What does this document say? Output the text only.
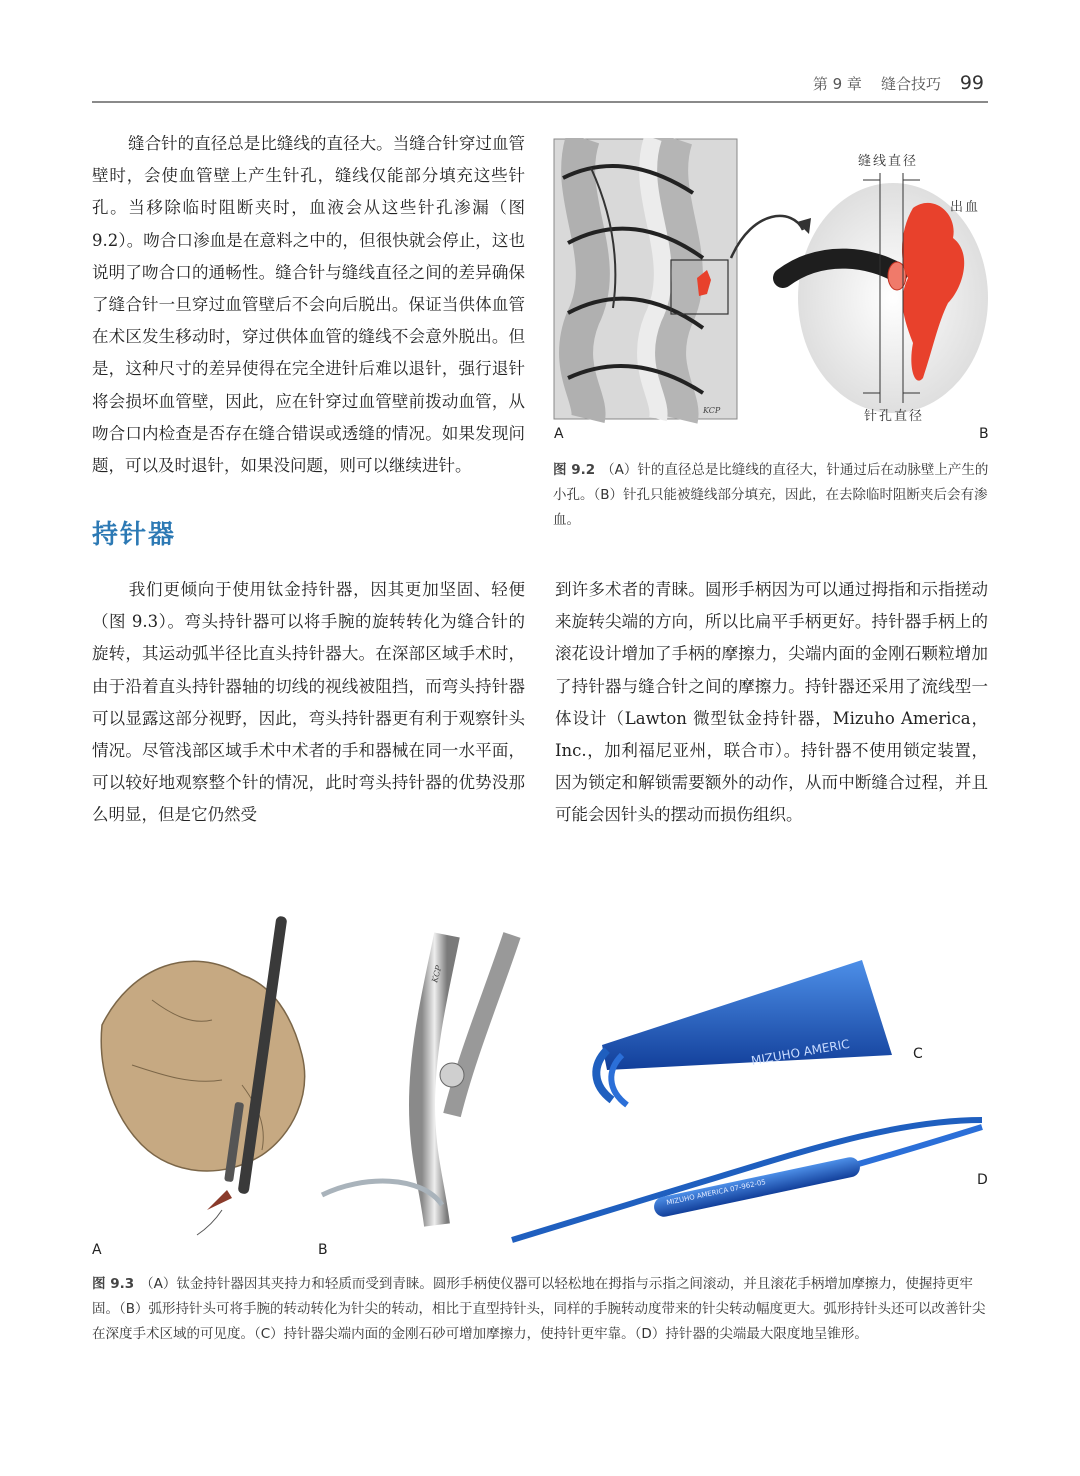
第 9 章 缝合技巧 99

缝合针的直径总是比缝线的直径大。当缝合针穿过血管壁时，会使血管壁上产生针孔，缝线仅能部分填充这些针孔。当移除临时阻断夹时，血液会从这些针孔渗漏（图 9.2）。吻合口渗血是在意料之中的，但很快就会停止，这也说明了吻合口的通畅性。缝合针与缝线直径之间的差异确保了缝合针一旦穿过血管壁后不会向后脱出。保证当供体血管在术区发生移动时，穿过供体血管的缝线不会意外脱出。但是，这种尺寸的差异使得在完全进针后难以退针，强行退针将会损坏血管壁，因此，应在针穿过血管壁前拨动血管，从吻合口内检查是否存在缝合错误或透缝的情况。如果发现问题，可以及时退针，如果没问题，则可以继续进针。

KCP
缝线直径
出血
针孔直径
A	B

图 9.2 （A）针的直径总是比缝线的直径大，针通过后在动脉壁上产生的小孔。（B）针孔只能被缝线部分填充，因此，在去除临时阻断夹后会有渗血。

持针器

我们更倾向于使用钛金持针器，因其更加坚固、轻便（图 9.3）。弯头持针器可以将手腕的旋转转化为缝合针的旋转，其运动弧半径比直头持针器大。在深部区域手术时，由于沿着直头持针器轴的切线的视线被阻挡，而弯头持针器可以显露这部分视野，因此，弯头持针器更有利于观察针头情况。尽管浅部区域手术中术者的手和器械在同一水平面，可以较好地观察整个针的情况，此时弯头持针器的优势没那么明显，但是它仍然受

到许多术者的青睐。圆形手柄因为可以通过拇指和示指搓动来旋转尖端的方向，所以比扁平手柄更好。持针器手柄上的滚花设计增加了手柄的摩擦力，尖端内面的金刚石颗粒增加了持针器与缝合针之间的摩擦力。持针器还采用了流线型一体设计（Lawton 微型钛金持针器，Mizuho America，Inc.，加利福尼亚州，联合市）。持针器不使用锁定装置，因为锁定和解锁需要额外的动作，从而中断缝合过程，并且可能会因针头的摆动而损伤组织。

KCP
MIZUHO AMERIC
MIZUHO AMERICA 07-962-05
A	B
C
D

图 9.3 （A）钛金持针器因其夹持力和轻质而受到青睐。圆形手柄使仪器可以轻松地在拇指与示指之间滚动，并且滚花手柄增加摩擦力，使握持更牢固。（B）弧形持针头可将手腕的转动转化为针尖的转动，相比于直型持针头，同样的手腕转动度带来的针尖转动幅度更大。弧形持针头还可以改善针尖在深度手术区域的可见度。（C）持针器尖端内面的金刚石砂可增加摩擦力，使持针更牢靠。（D）持针器的尖端最大限度地呈锥形。
